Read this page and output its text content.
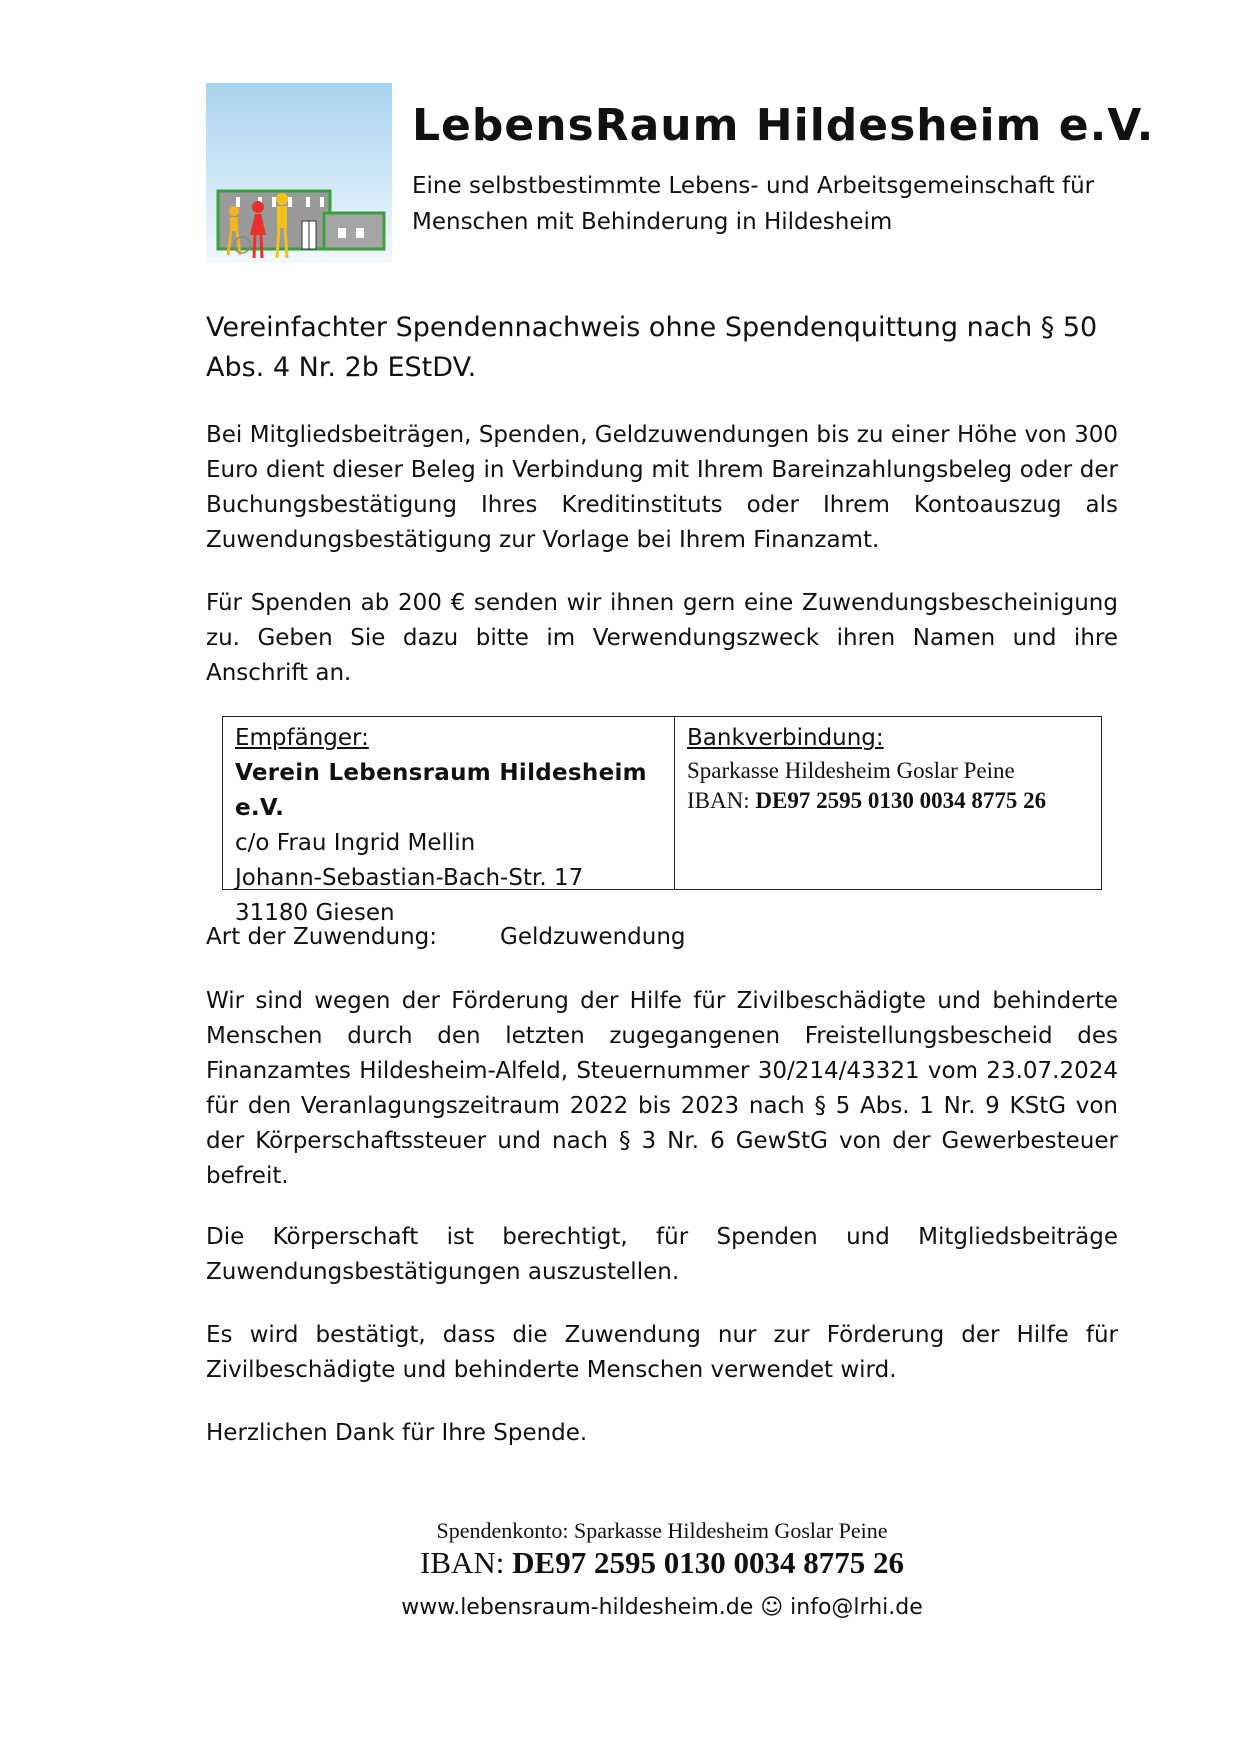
LebensRaum Hildesheim e.V.
Eine selbstbestimmte Lebens- und Arbeitsgemeinschaft für Menschen mit Behinderung in Hildesheim
Vereinfachter Spendennachweis ohne Spendenquittung nach § 50 Abs. 4 Nr. 2b EStDV.
Bei Mitgliedsbeiträgen, Spenden, Geldzuwendungen bis zu einer Höhe von 300 Euro dient dieser Beleg in Verbindung mit Ihrem Bareinzahlungsbeleg oder der Buchungsbestätigung Ihres Kreditinstituts oder Ihrem Kontoauszug als Zuwendungsbestätigung zur Vorlage bei Ihrem Finanzamt.
Für Spenden ab 200 € senden wir ihnen gern eine Zuwendungsbescheinigung zu. Geben Sie dazu bitte im Verwendungszweck ihren Namen und ihre Anschrift an.
Empfänger:
Verein Lebensraum Hildesheim e.V.
c/o Frau Ingrid Mellin
Johann-Sebastian-Bach-Str. 17
31180 Giesen
Bankverbindung:
Sparkasse Hildesheim Goslar Peine
IBAN: DE97 2595 0130 0034 8775 26
Art der Zuwendung:	Geldzuwendung
Wir sind wegen der Förderung der Hilfe für Zivilbeschädigte und behinderte Menschen durch den letzten zugegangenen Freistellungsbescheid des Finanzamtes Hildesheim-Alfeld, Steuernummer 30/214/43321 vom 23.07.2024 für den Veranlagungszeitraum 2022 bis 2023 nach § 5 Abs. 1 Nr. 9 KStG von der Körperschaftssteuer und nach § 3 Nr. 6 GewStG von der Gewerbesteuer befreit.
Die Körperschaft ist berechtigt, für Spenden und Mitgliedsbeiträge Zuwendungsbestätigungen auszustellen.
Es wird bestätigt, dass die Zuwendung nur zur Förderung der Hilfe für Zivilbeschädigte und behinderte Menschen verwendet wird.
Herzlichen Dank für Ihre Spende.
Spendenkonto: Sparkasse Hildesheim Goslar Peine
IBAN: DE97 2595 0130 0034 8775 26
www.lebensraum-hildesheim.de ☺ info@lrhi.de
